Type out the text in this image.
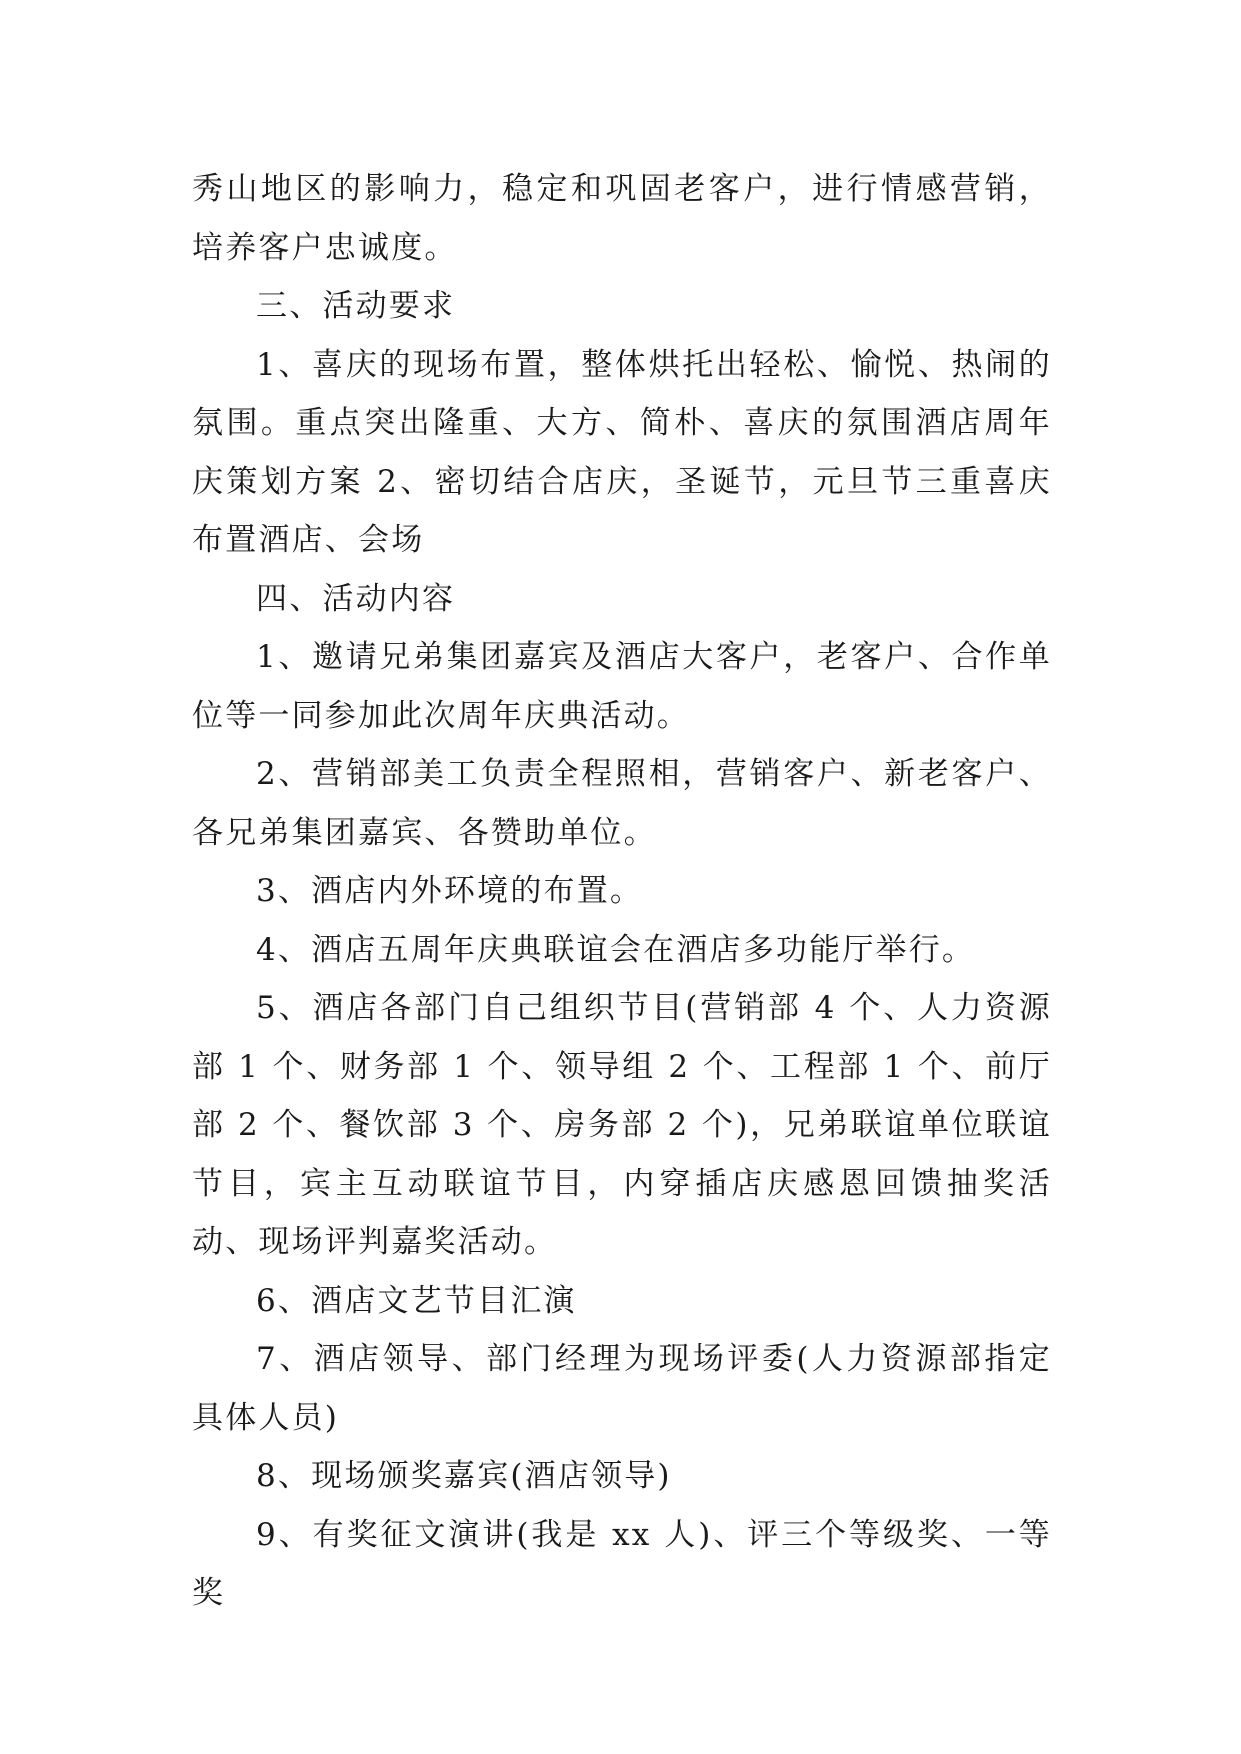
秀山地区的影响力，稳定和巩固老客户，进行情感营销，培养客户忠诚度。

三、活动要求

1、喜庆的现场布置，整体烘托出轻松、愉悦、热闹的氛围。重点突出隆重、大方、简朴、喜庆的氛围酒店周年庆策划方案 2、密切结合店庆，圣诞节，元旦节三重喜庆布置酒店、会场

四、活动内容

1、邀请兄弟集团嘉宾及酒店大客户，老客户、合作单位等一同参加此次周年庆典活动。

2、营销部美工负责全程照相，营销客户、新老客户、各兄弟集团嘉宾、各赞助单位。

3、酒店内外环境的布置。

4、酒店五周年庆典联谊会在酒店多功能厅举行。

5、酒店各部门自己组织节目(营销部 4 个、人力资源部 1 个、财务部 1 个、领导组 2 个、工程部 1 个、前厅部 2 个、餐饮部 3 个、房务部 2 个)，兄弟联谊单位联谊节目，宾主互动联谊节目，内穿插店庆感恩回馈抽奖活动、现场评判嘉奖活动。

6、酒店文艺节目汇演

7、酒店领导、部门经理为现场评委(人力资源部指定具体人员)

8、现场颁奖嘉宾(酒店领导)

9、有奖征文演讲(我是 xx 人)、评三个等级奖、一等奖
